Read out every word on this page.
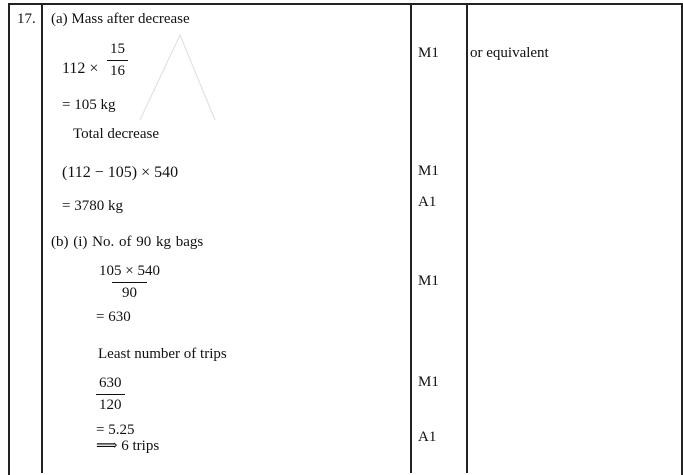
17. (a) Mass after decrease
$112 \times \frac{15}{16}$	M1 or equivalent
= 105 kg
Total decrease
(112 − 105) × 540	M1
= 3780 kg	A1
(b) (i) No. of 90 kg bags
$\frac{105 \times 540}{90}$	M1
= 630
Least number of trips
$\frac{630}{120}$	M1
= 5.25
⟹ 6 trips
A1
